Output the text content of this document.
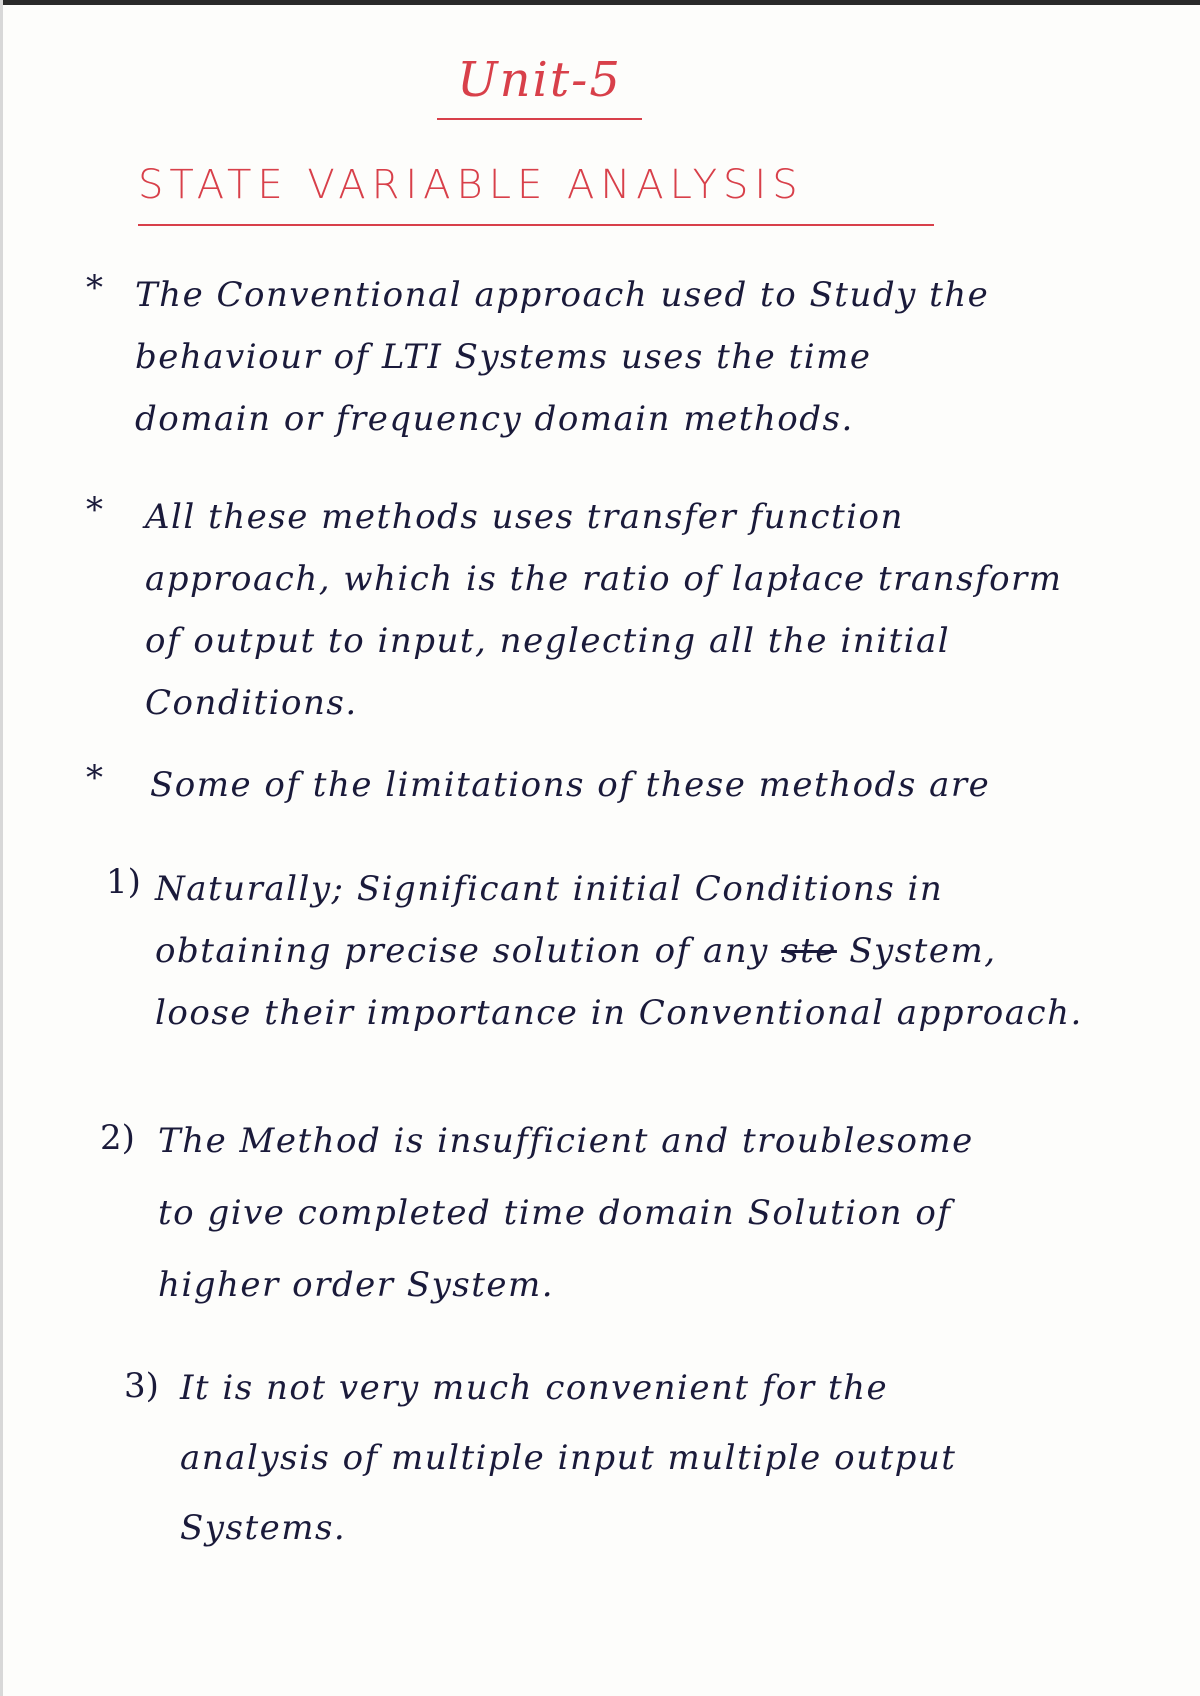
Unit-5
STATE VARIABLE ANALYSIS
* The Conventional approach used to Study the
behaviour of LTI Systems uses the time
domain or frequency domain methods.
* All these methods uses transfer function
approach, which is the ratio of lapłace transform
of output to input, neglecting all the initial
Conditions.
* Some of the limitations of these methods are
1) Naturally; Significant initial Conditions in
obtaining precise solution of any ste System,
loose their importance in Conventional approach.
2) The Method is insufficient and troublesome
to give completed time domain Solution of
higher order System.
3) It is not very much convenient for the
analysis of multiple input multiple output
Systems.
